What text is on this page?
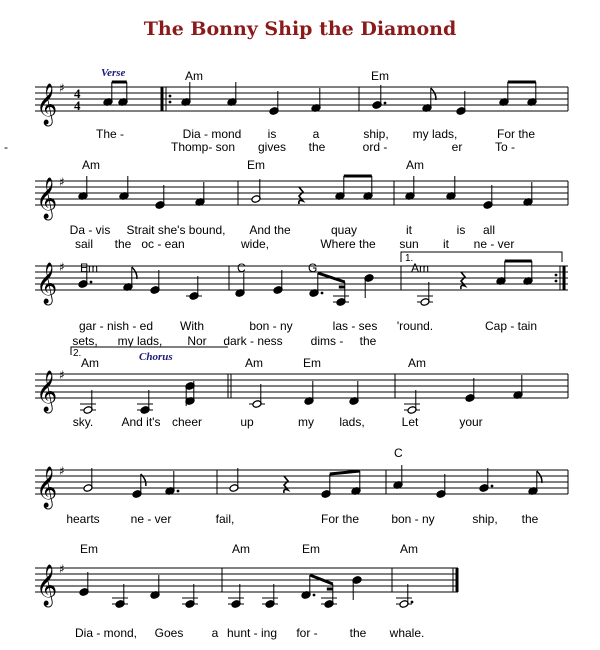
The Bonny Ship the Diamond
𝄞 ♯ 4
4
Verse	Am	Em
The -	Dia - mond is	a	ship, my lads,	For the
-	Thomp- son gives the	ord -	er	To -
𝄞 ♯
Am	Em	Am
Da - vis Strait she's bound, And the	quay	it	is all
sail the oc - ean	wide,	Where the sun it ne - ver
𝄞 ♯ Em	C	G	Am
1.
gar - nish - ed With	bon - ny	las - ses 'round.	Cap - tain
sets, my lads, Nor dark - ness dims - the
𝄞 ♯
2.	Chorus
Am	Am	Em	Am
sky. And it's cheer	up	my lads,	Let	your
𝄞 ♯
C
hearts	ne - ver	fail,	For the	bon - ny	ship, the
𝄞 ♯
Em	Am	Em	Am
Dia - mond, Goes a hunt - ing for -	the whale.
